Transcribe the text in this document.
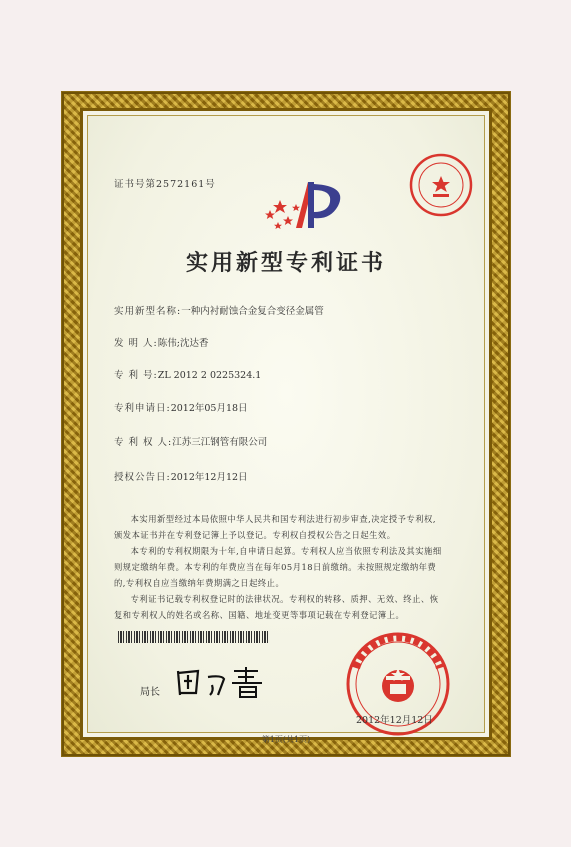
证书号第2572161号
实用新型专利证书
实用新型名称:一种内衬耐蚀合金复合变径金属管
发 明 人:陈伟;沈达香
专 利 号:ZL 2012 2 0225324.1
专利申请日:2012年05月18日
专 利 权 人:江苏三江钢管有限公司
授权公告日:2012年12月12日

本实用新型经过本局依照中华人民共和国专利法进行初步审查,决定授予专利权,颁发本证书并在专利登记簿上予以登记。专利权自授权公告之日起生效。

本专利的专利权期限为十年,自申请日起算。专利权人应当依照专利法及其实施细则规定缴纳年费。本专利的年费应当在每年05月18日前缴纳。未按照规定缴纳年费的,专利权自应当缴纳年费期满之日起终止。

专利证书记载专利权登记时的法律状况。专利权的转移、质押、无效、终止、恢复和专利权人的姓名或名称、国籍、地址变更等事项记载在专利登记簿上。

局长
2012年12月12日
第1页(共1页)
